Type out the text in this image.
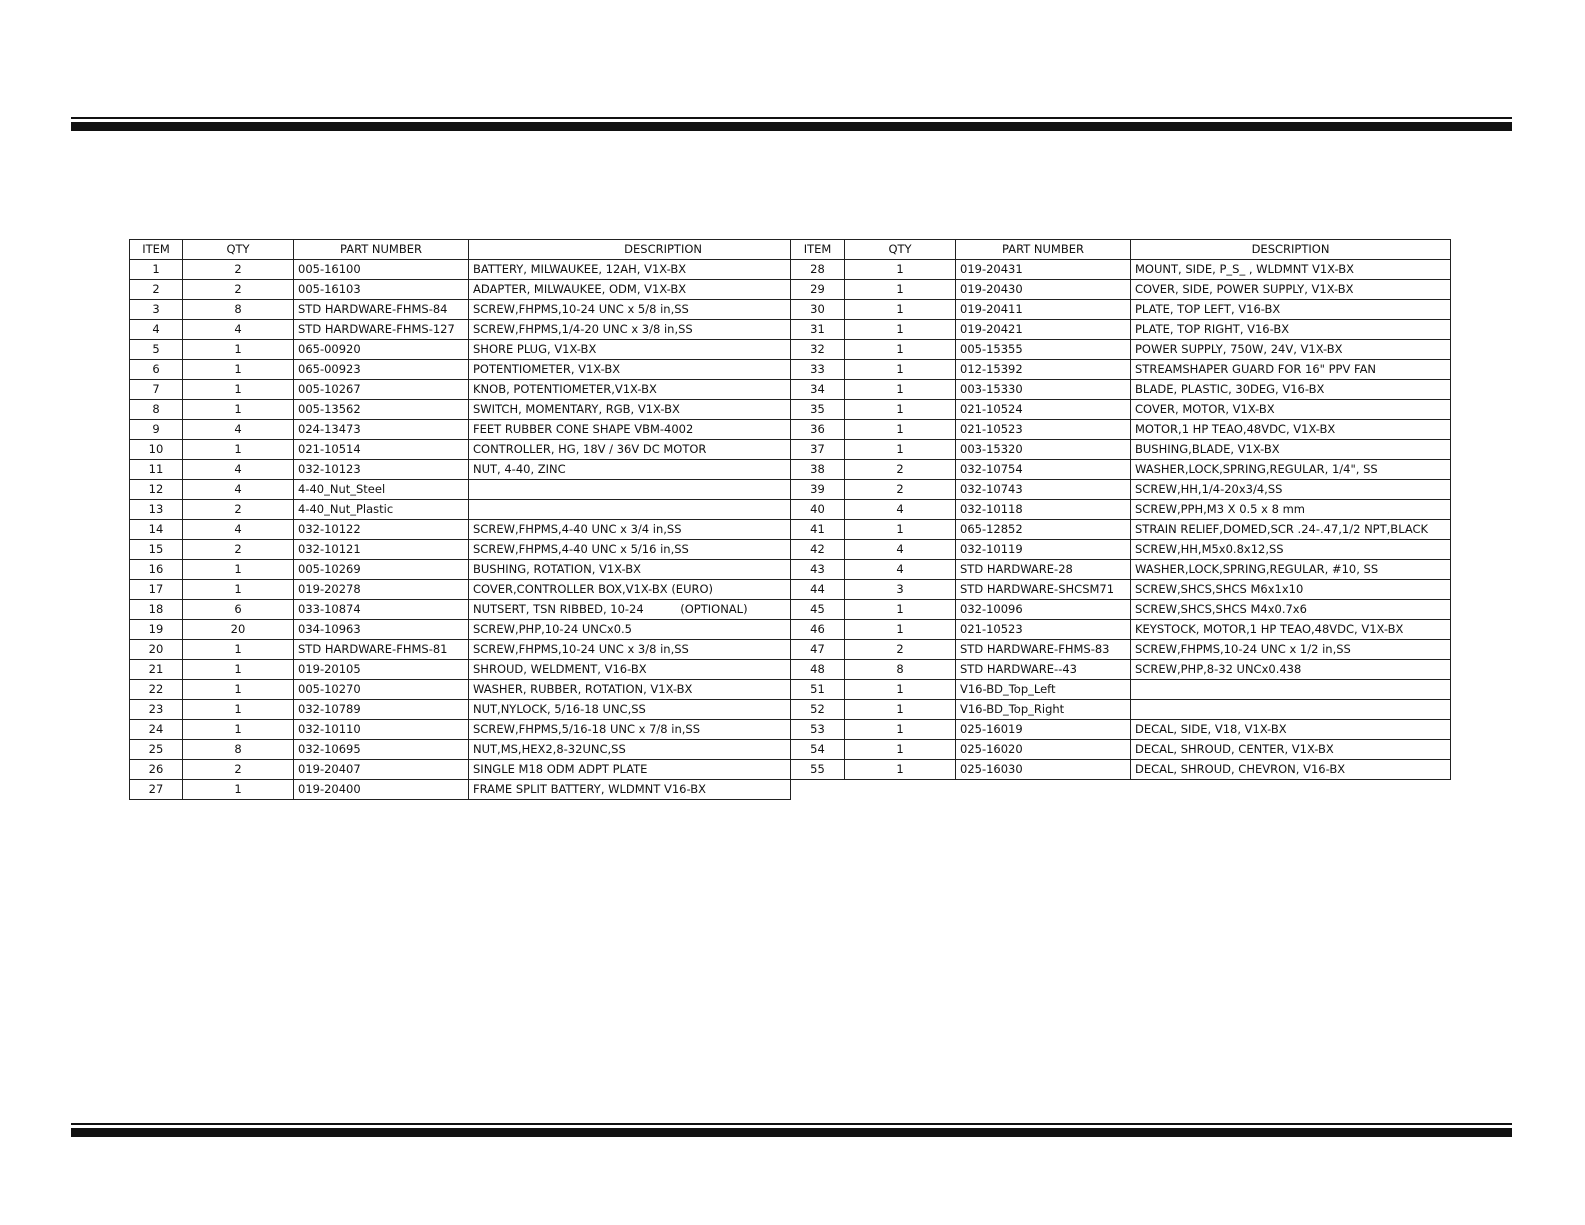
ITEM	QTY	PART NUMBER	DESCRIPTION
1	2	005-16100	BATTERY, MILWAUKEE, 12AH, V1X-BX
2	2	005-16103	ADAPTER, MILWAUKEE, ODM, V1X-BX
3	8	STD HARDWARE-FHMS-84	SCREW,FHPMS,10-24 UNC x 5/8 in,SS
4	4	STD HARDWARE-FHMS-127	SCREW,FHPMS,1/4-20 UNC x 3/8 in,SS
5	1	065-00920	SHORE PLUG, V1X-BX
6	1	065-00923	POTENTIOMETER, V1X-BX
7	1	005-10267	KNOB, POTENTIOMETER,V1X-BX
8	1	005-13562	SWITCH, MOMENTARY, RGB, V1X-BX
9	4	024-13473	FEET RUBBER CONE SHAPE VBM-4002
10	1	021-10514	CONTROLLER, HG, 18V / 36V DC MOTOR
11	4	032-10123	NUT, 4-40, ZINC
12	4	4-40_Nut_Steel	
13	2	4-40_Nut_Plastic	
14	4	032-10122	SCREW,FHPMS,4-40 UNC x 3/4 in,SS
15	2	032-10121	SCREW,FHPMS,4-40 UNC x 5/16 in,SS
16	1	005-10269	BUSHING, ROTATION, V1X-BX
17	1	019-20278	COVER,CONTROLLER BOX,V1X-BX (EURO)
18	6	033-10874	NUTSERT, TSN RIBBED, 10-24          (OPTIONAL)
19	20	034-10963	SCREW,PHP,10-24 UNCx0.5
20	1	STD HARDWARE-FHMS-81	SCREW,FHPMS,10-24 UNC x 3/8 in,SS
21	1	019-20105	SHROUD, WELDMENT, V16-BX
22	1	005-10270	WASHER, RUBBER, ROTATION, V1X-BX
23	1	032-10789	NUT,NYLOCK, 5/16-18 UNC,SS
24	1	032-10110	SCREW,FHPMS,5/16-18 UNC x 7/8 in,SS
25	8	032-10695	NUT,MS,HEX2,8-32UNC,SS
26	2	019-20407	SINGLE M18 ODM ADPT PLATE
27	1	019-20400	FRAME SPLIT BATTERY, WLDMNT V16-BX
ITEM	QTY	PART NUMBER	DESCRIPTION
28	1	019-20431	MOUNT, SIDE, P_S_ , WLDMNT V1X-BX
29	1	019-20430	COVER, SIDE, POWER SUPPLY, V1X-BX
30	1	019-20411	PLATE, TOP LEFT, V16-BX
31	1	019-20421	PLATE, TOP RIGHT, V16-BX
32	1	005-15355	POWER SUPPLY, 750W, 24V, V1X-BX
33	1	012-15392	STREAMSHAPER GUARD FOR 16" PPV FAN
34	1	003-15330	BLADE, PLASTIC, 30DEG, V16-BX
35	1	021-10524	COVER, MOTOR, V1X-BX
36	1	021-10523	MOTOR,1 HP TEAO,48VDC, V1X-BX
37	1	003-15320	BUSHING,BLADE, V1X-BX
38	2	032-10754	WASHER,LOCK,SPRING,REGULAR, 1/4", SS
39	2	032-10743	SCREW,HH,1/4-20x3/4,SS
40	4	032-10118	SCREW,PPH,M3 X 0.5 x 8 mm
41	1	065-12852	STRAIN RELIEF,DOMED,SCR .24-.47,1/2 NPT,BLACK
42	4	032-10119	SCREW,HH,M5x0.8x12,SS
43	4	STD HARDWARE-28	WASHER,LOCK,SPRING,REGULAR, #10, SS
44	3	STD HARDWARE-SHCSM71	SCREW,SHCS,SHCS M6x1x10
45	1	032-10096	SCREW,SHCS,SHCS M4x0.7x6
46	1	021-10523	KEYSTOCK, MOTOR,1 HP TEAO,48VDC, V1X-BX
47	2	STD HARDWARE-FHMS-83	SCREW,FHPMS,10-24 UNC x 1/2 in,SS
48	8	STD HARDWARE--43	SCREW,PHP,8-32 UNCx0.438
51	1	V16-BD_Top_Left	
52	1	V16-BD_Top_Right	
53	1	025-16019	DECAL, SIDE, V18, V1X-BX
54	1	025-16020	DECAL, SHROUD, CENTER, V1X-BX
55	1	025-16030	DECAL, SHROUD, CHEVRON, V16-BX
